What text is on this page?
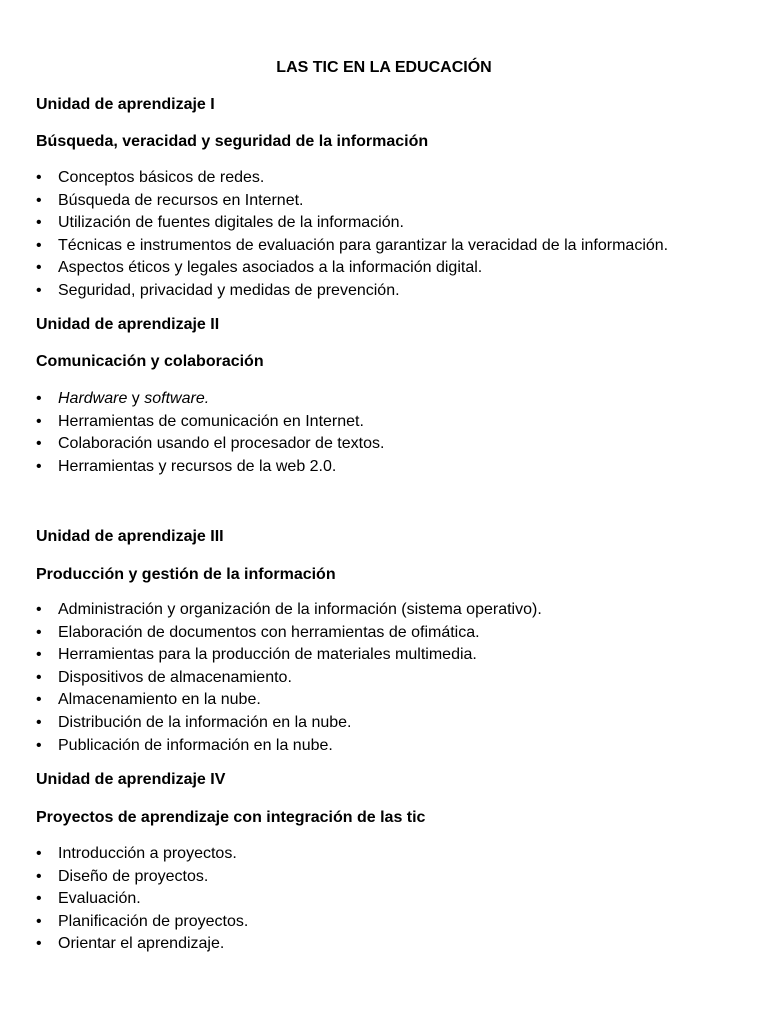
LAS TIC EN LA EDUCACIÓN
Unidad de aprendizaje I
Búsqueda, veracidad y seguridad de la información
• Conceptos básicos de redes.
• Búsqueda de recursos en Internet.
• Utilización de fuentes digitales de la información.
• Técnicas e instrumentos de evaluación para garantizar la veracidad de la información.
• Aspectos éticos y legales asociados a la información digital.
• Seguridad, privacidad y medidas de prevención.
Unidad de aprendizaje II
Comunicación y colaboración
• Hardware y software.
• Herramientas de comunicación en Internet.
• Colaboración usando el procesador de textos.
• Herramientas y recursos de la web 2.0.
Unidad de aprendizaje III
Producción y gestión de la información
• Administración y organización de la información (sistema operativo).
• Elaboración de documentos con herramientas de ofimática.
• Herramientas para la producción de materiales multimedia.
• Dispositivos de almacenamiento.
• Almacenamiento en la nube.
• Distribución de la información en la nube.
• Publicación de información en la nube.
Unidad de aprendizaje IV
Proyectos de aprendizaje con integración de las tic
• Introducción a proyectos.
• Diseño de proyectos.
• Evaluación.
• Planificación de proyectos.
• Orientar el aprendizaje.
